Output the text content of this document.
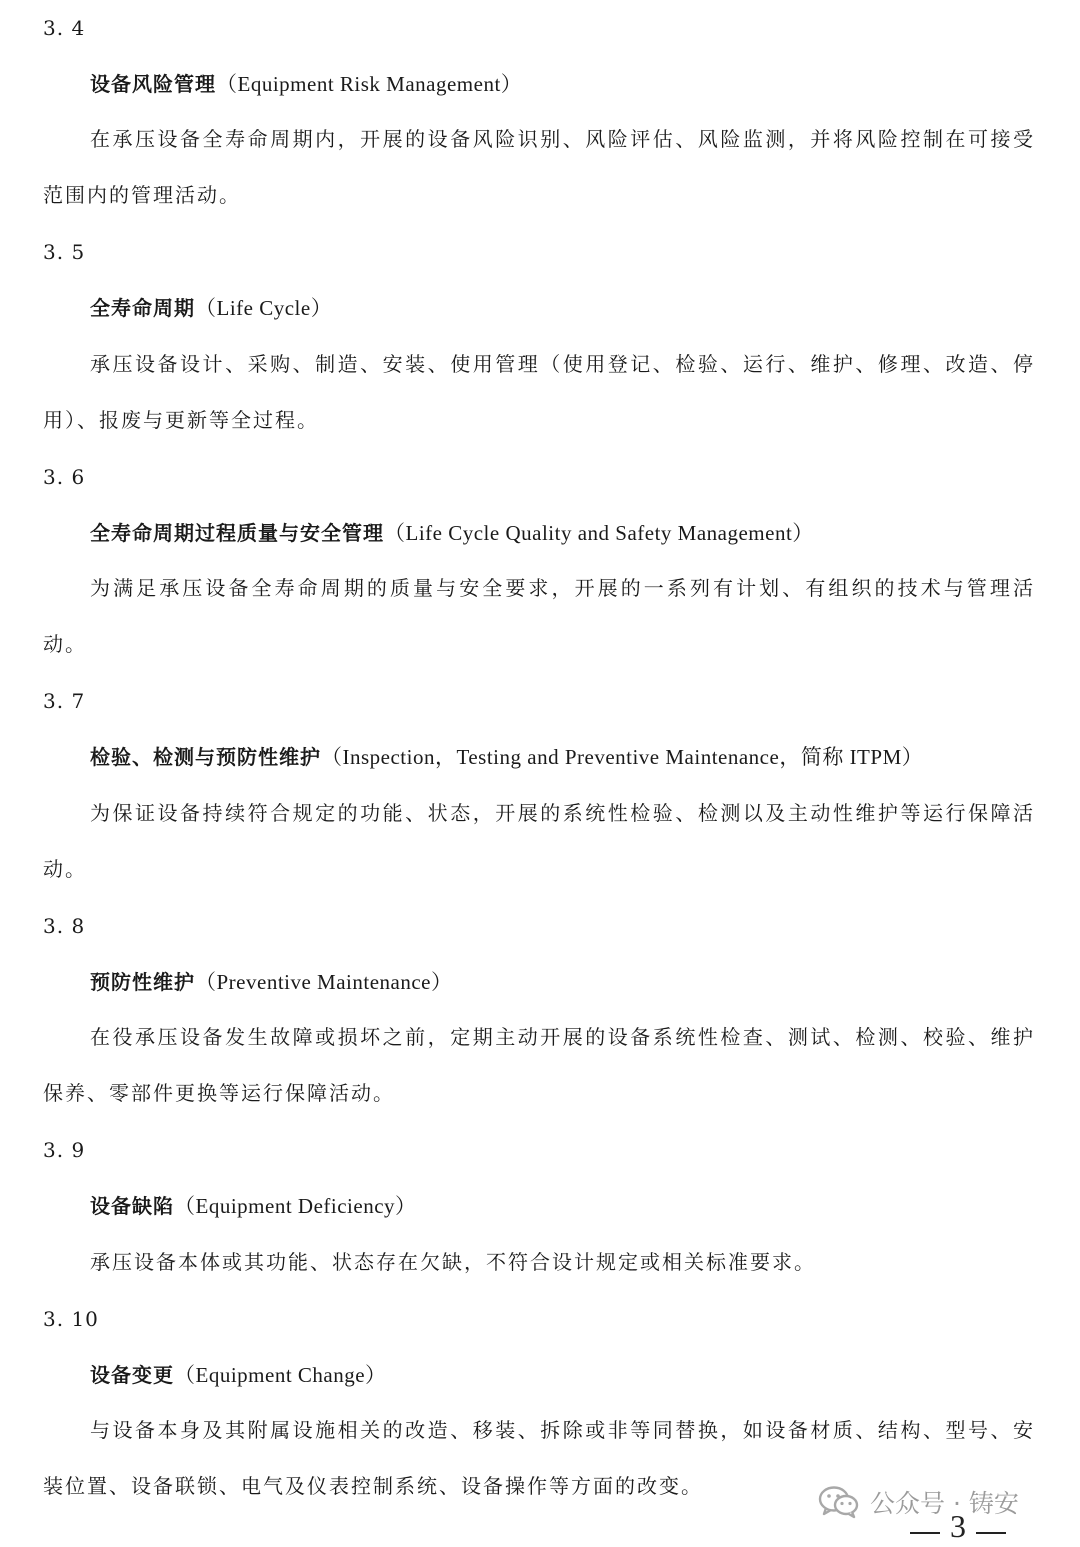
3. 4
设备风险管理（Equipment Risk Management）
在承压设备全寿命周期内，开展的设备风险识别、风险评估、风险监测，并将风险控制在可接受范围内的管理活动。
3. 5
全寿命周期（Life Cycle）
承压设备设计、采购、制造、安装、使用管理（使用登记、检验、运行、维护、修理、改造、停用）、报废与更新等全过程。
3. 6
全寿命周期过程质量与安全管理（Life Cycle Quality and Safety Management）
为满足承压设备全寿命周期的质量与安全要求，开展的一系列有计划、有组织的技术与管理活动。
3. 7
检验、检测与预防性维护（Inspection，Testing and Preventive Maintenance，简称 ITPM）
为保证设备持续符合规定的功能、状态，开展的系统性检验、检测以及主动性维护等运行保障活动。
3. 8
预防性维护（Preventive Maintenance）
在役承压设备发生故障或损坏之前，定期主动开展的设备系统性检查、测试、检测、校验、维护保养、零部件更换等运行保障活动。
3. 9
设备缺陷（Equipment Deficiency）
承压设备本体或其功能、状态存在欠缺，不符合设计规定或相关标准要求。
3. 10
设备变更（Equipment Change）
与设备本身及其附属设施相关的改造、移装、拆除或非等同替换，如设备材质、结构、型号、安装位置、设备联锁、电气及仪表控制系统、设备操作等方面的改变。
公众号 · 铸安
3
